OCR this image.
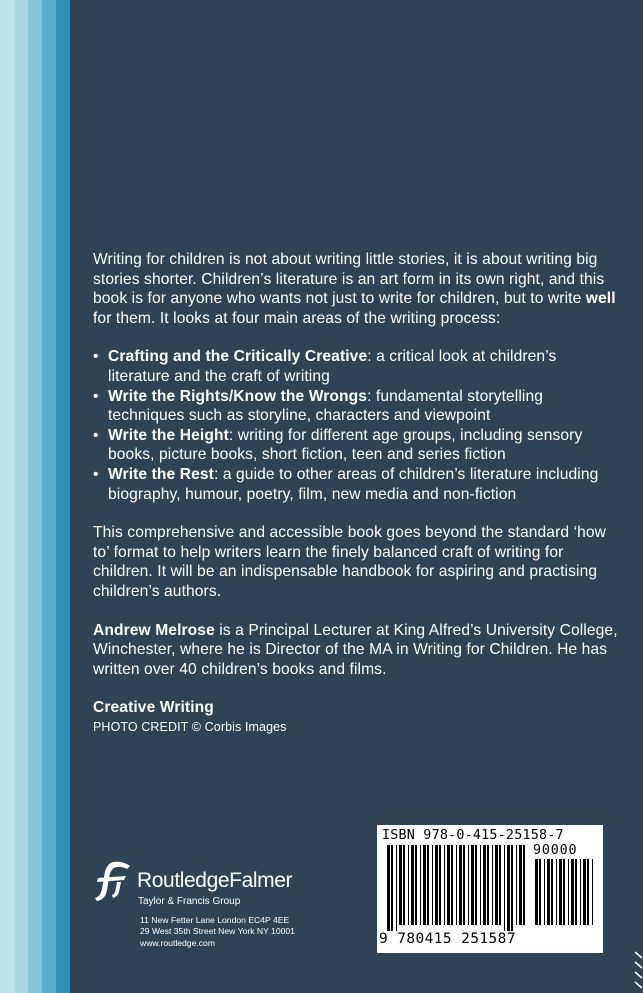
Writing for children is not about writing little stories, it is about writing big stories shorter. Children’s literature is an art form in its own right, and this book is for anyone who wants not just to write for children, but to write well for them. It looks at four main areas of the writing process:

• Crafting and the Critically Creative: a critical look at children’s literature and the craft of writing
• Write the Rights/Know the Wrongs: fundamental storytelling techniques such as storyline, characters and viewpoint
• Write the Height: writing for different age groups, including sensory books, picture books, short fiction, teen and series fiction
• Write the Rest: a guide to other areas of children’s literature including biography, humour, poetry, film, new media and non-fiction

This comprehensive and accessible book goes beyond the standard ‘how to’ format to help writers learn the finely balanced craft of writing for children. It will be an indispensable handbook for aspiring and practising children’s authors.

Andrew Melrose is a Principal Lecturer at King Alfred’s University College, Winchester, where he is Director of the MA in Writing for Children. He has written over 40 children’s books and films.

Creative Writing

PHOTO CREDIT © Corbis Images

RoutledgeFalmer
Taylor & Francis Group
11 New Fetter Lane London EC4P 4EE
29 West 35th Street New York NY 10001
www.routledge.com
ISBN 978-0-415-25158-7
90000
9 780415 251587
